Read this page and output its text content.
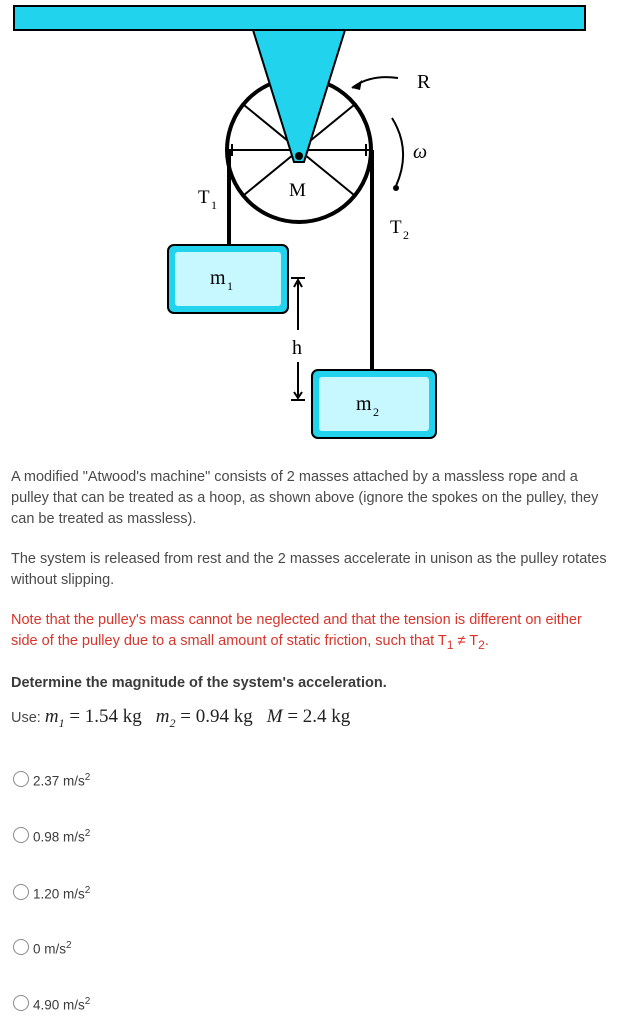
R
ω
M
T 1
T 2
m 1
h
m 2

A modified "Atwood's machine" consists of 2 masses attached by a massless rope and a pulley that can be treated as a hoop, as shown above (ignore the spokes on the pulley, they can be treated as massless).

The system is released from rest and the 2 masses accelerate in unison as the pulley rotates without slipping.

Note that the pulley's mass cannot be neglected and that the tension is different on either side of the pulley due to a small amount of static friction, such that $T_1 \ne T_2$.

Determine the magnitude of the system's acceleration.

Use: $m_1 = 1.54$ kg $m_2 = 0.94$ kg M = 2.4 kg
2.37 $m/s^2$
0.98 $m/s^2$
1.20 $m/s^2$
0 $m/s^2$
4.90 $m/s^2$
